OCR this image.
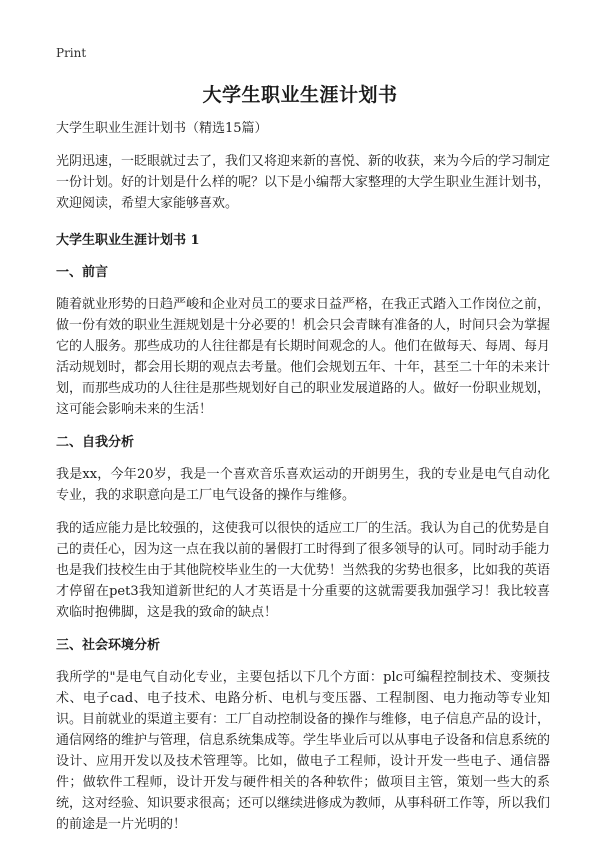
Print
大学生职业生涯计划书

大学生职业生涯计划书（精选15篇）

光阴迅速，一眨眼就过去了，我们又将迎来新的喜悦、新的收获，来为今后的学习制定一份计划。好的计划是什么样的呢？以下是小编帮大家整理的大学生职业生涯计划书，欢迎阅读，希望大家能够喜欢。

大学生职业生涯计划书 1

一、前言

随着就业形势的日趋严峻和企业对员工的要求日益严格，在我正式踏入工作岗位之前，做一份有效的职业生涯规划是十分必要的！机会只会青睐有准备的人，时间只会为掌握它的人服务。那些成功的人往往都是有长期时间观念的人。他们在做每天、每周、每月活动规划时，都会用长期的观点去考量。他们会规划五年、十年，甚至二十年的未来计划，而那些成功的人往往是那些规划好自己的职业发展道路的人。做好一份职业规划，这可能会影响未来的生活！

二、自我分析

我是xx，今年20岁，我是一个喜欢音乐喜欢运动的开朗男生，我的专业是电气自动化专业，我的求职意向是工厂电气设备的操作与维修。

我的适应能力是比较强的，这使我可以很快的适应工厂的生活。我认为自己的优势是自己的责任心，因为这一点在我以前的暑假打工时得到了很多领导的认可。同时动手能力也是我们技校生由于其他院校毕业生的一大优势！当然我的劣势也很多，比如我的英语才停留在pet3我知道新世纪的人才英语是十分重要的这就需要我加强学习！我比较喜欢临时抱佛脚，这是我的致命的缺点！

三、社会环境分析

我所学的"是电气自动化专业，主要包括以下几个方面：plc可编程控制技术、变频技术、电子cad、电子技术、电路分析、电机与变压器、工程制图、电力拖动等专业知识。目前就业的渠道主要有：工厂自动控制设备的操作与维修，电子信息产品的设计，通信网络的维护与管理，信息系统集成等。学生毕业后可以从事电子设备和信息系统的设计、应用开发以及技术管理等。比如，做电子工程师，设计开发一些电子、通信器件；做软件工程师，设计开发与硬件相关的各种软件；做项目主管，策划一些大的系统，这对经验、知识要求很高；还可以继续进修成为教师，从事科研工作等，所以我们的前途是一片光明的！
